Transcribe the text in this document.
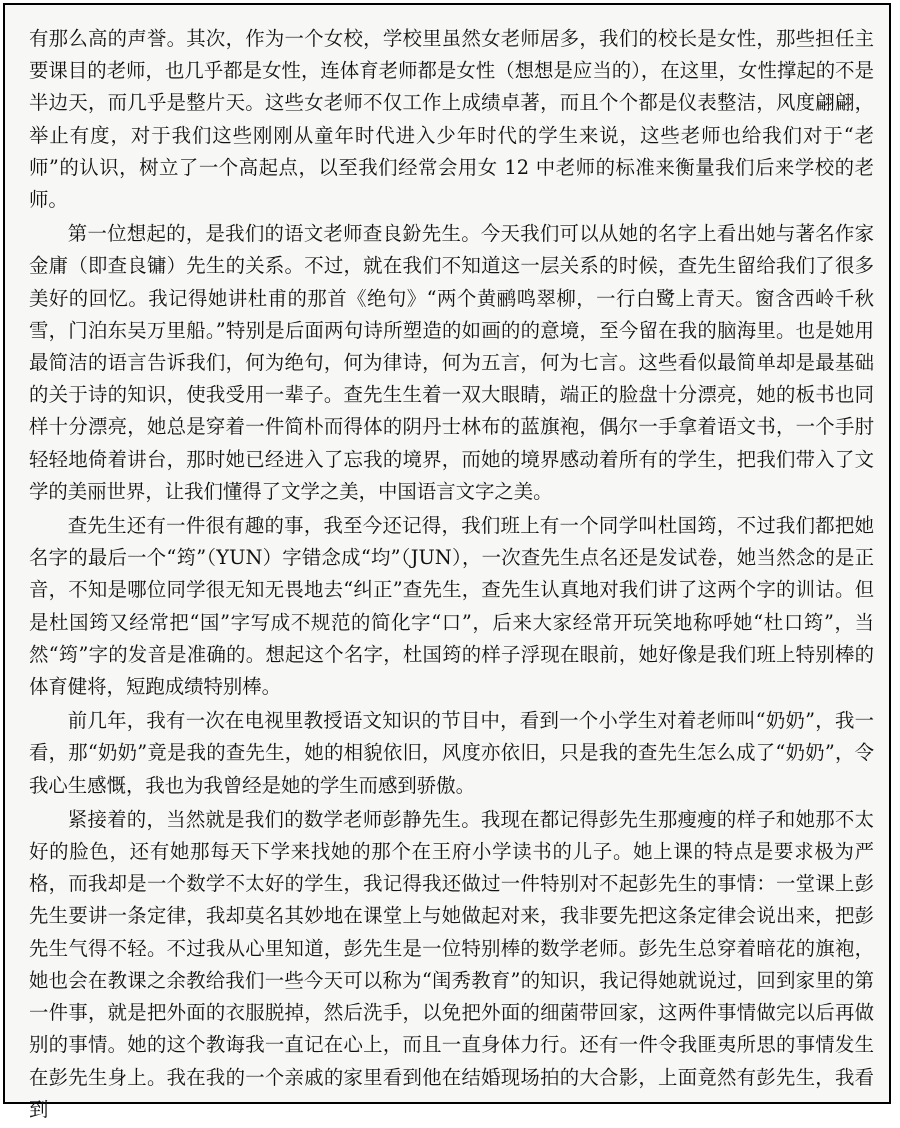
有那么高的声誉。其次，作为一个女校，学校里虽然女老师居多，我们的校长是女性，那些担任主要课目的老师，也几乎都是女性，连体育老师都是女性（想想是应当的），在这里，女性撑起的不是半边天，而几乎是整片天。这些女老师不仅工作上成绩卓著，而且个个都是仪表整洁，风度翩翩，举止有度，对于我们这些刚刚从童年时代进入少年时代的学生来说，这些老师也给我们对于“老师”的认识，树立了一个高起点，以至我们经常会用女 12 中老师的标准来衡量我们后来学校的老师。

第一位想起的，是我们的语文老师查良鈖先生。今天我们可以从她的名字上看出她与著名作家金庸（即查良镛）先生的关系。不过，就在我们不知道这一层关系的时候，查先生留给我们了很多美好的回忆。我记得她讲杜甫的那首《绝句》“两个黄鹂鸣翠柳，一行白鹭上青天。窗含西岭千秋雪，门泊东吴万里船。”特别是后面两句诗所塑造的如画的的意境，至今留在我的脑海里。也是她用最简洁的语言告诉我们，何为绝句，何为律诗，何为五言，何为七言。这些看似最简单却是最基础的关于诗的知识，使我受用一辈子。查先生生着一双大眼睛，端正的脸盘十分漂亮，她的板书也同样十分漂亮，她总是穿着一件简朴而得体的阴丹士林布的蓝旗袍，偶尔一手拿着语文书，一个手肘轻轻地倚着讲台，那时她已经进入了忘我的境界，而她的境界感动着所有的学生，把我们带入了文学的美丽世界，让我们懂得了文学之美，中国语言文字之美。

查先生还有一件很有趣的事，我至今还记得，我们班上有一个同学叫杜国筠，不过我们都把她名字的最后一个“筠”（YUN）字错念成“均”（JUN），一次查先生点名还是发试卷，她当然念的是正音，不知是哪位同学很无知无畏地去“纠正”查先生，查先生认真地对我们讲了这两个字的训诂。但是杜国筠又经常把“国”字写成不规范的简化字“口”，后来大家经常开玩笑地称呼她“杜口筠”，当然“筠”字的发音是准确的。想起这个名字，杜国筠的样子浮现在眼前，她好像是我们班上特别棒的体育健将，短跑成绩特别棒。

前几年，我有一次在电视里教授语文知识的节目中，看到一个小学生对着老师叫“奶奶”，我一看，那“奶奶”竟是我的查先生，她的相貌依旧，风度亦依旧，只是我的查先生怎么成了“奶奶”，令我心生感慨，我也为我曾经是她的学生而感到骄傲。

紧接着的，当然就是我们的数学老师彭静先生。我现在都记得彭先生那瘦瘦的样子和她那不太好的脸色，还有她那每天下学来找她的那个在王府小学读书的儿子。她上课的特点是要求极为严格，而我却是一个数学不太好的学生，我记得我还做过一件特别对不起彭先生的事情：一堂课上彭先生要讲一条定律，我却莫名其妙地在课堂上与她做起对来，我非要先把这条定律会说出来，把彭先生气得不轻。不过我从心里知道，彭先生是一位特别棒的数学老师。彭先生总穿着暗花的旗袍，她也会在教课之余教给我们一些今天可以称为“闺秀教育”的知识，我记得她就说过，回到家里的第一件事，就是把外面的衣服脱掉，然后洗手，以免把外面的细菌带回家，这两件事情做完以后再做别的事情。她的这个教诲我一直记在心上，而且一直身体力行。还有一件令我匪夷所思的事情发生在彭先生身上。我在我的一个亲戚的家里看到他在结婚现场拍的大合影，上面竟然有彭先生，我看到
